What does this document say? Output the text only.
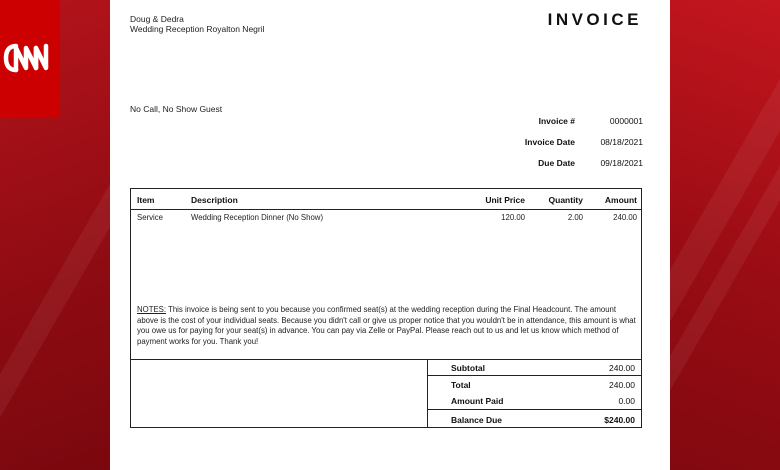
Doug & Dedra
Wedding Reception Royalton Negril	INVOICE
No Call, No Show Guest
Invoice #	0000001
Invoice Date	08/18/2021
Due Date	09/18/2021
Item	Description	Unit Price	Quantity	Amount
Service	Wedding Reception Dinner (No Show)	120.00	2.00	240.00
NOTES: This invoice is being sent to you because you confirmed seat(s) at the wedding reception during the Final Headcount. The amount above is the cost of your individual seats. Because you didn't call or give us proper notice that you wouldn't be in attendance, this amount is what you owe us for paying for your seat(s) in advance. You can pay via Zelle or PayPal. Please reach out to us and let us know which method of payment works for you. Thank you!
Subtotal	240.00
Total	240.00
Amount Paid	0.00
Balance Due	$240.00
